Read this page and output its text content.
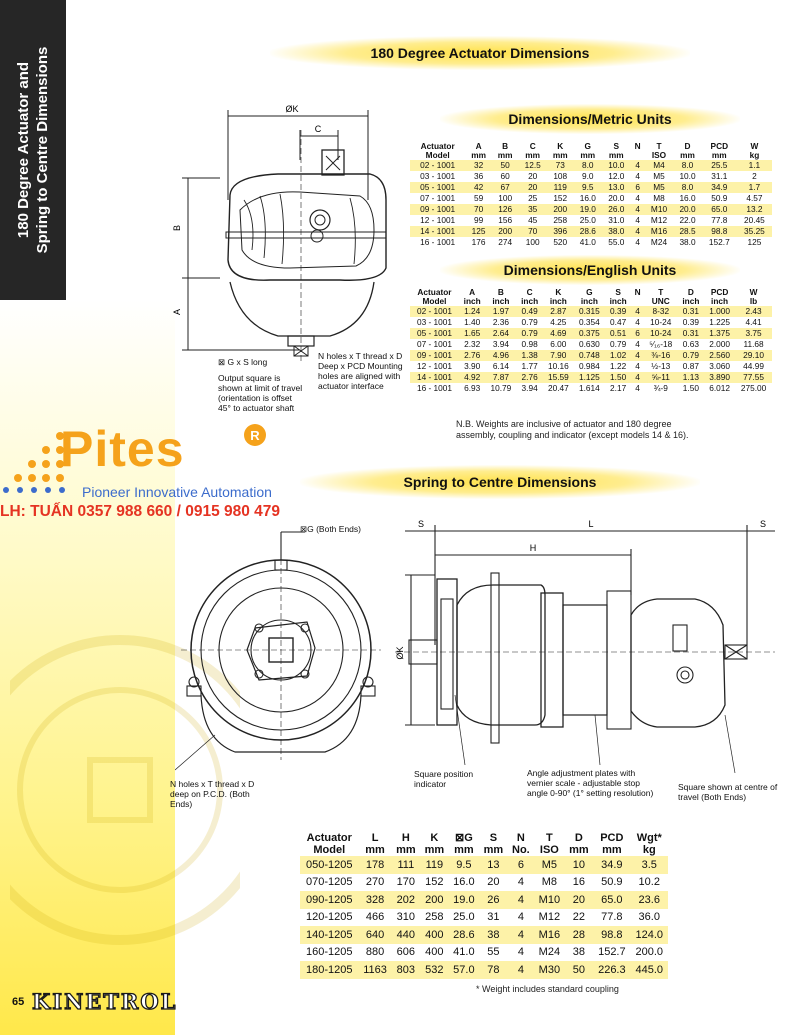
180 Degree Actuator and Spring to Centre Dimensions	180 Degree Actuator Dimensions
ØK
C
B
A
⊠ G x S long
Output square is shown at limit of travel (orientation is offset 45° to actuator shaft
N holes x T thread x D Deep x PCD Mounting holes are aligned with actuator interface
Dimensions/Metric Units
Actuator	A	B	C	K	G	S	N	T	D	PCD	W
Model	mm	mm	mm	mm	mm	mm		ISO	mm	mm	kg
02 - 1001	32	50	12.5	73	8.0	10.0	4	M4	8.0	25.5	1.1
03 - 1001	36	60	20	108	9.0	12.0	4	M5	10.0	31.1	2
05 - 1001	42	67	20	119	9.5	13.0	6	M5	8.0	34.9	1.7
07 - 1001	59	100	25	152	16.0	20.0	4	M8	16.0	50.9	4.57
09 - 1001	70	126	35	200	19.0	26.0	4	M10	20.0	65.0	13.2
12 - 1001	99	156	45	258	25.0	31.0	4	M12	22.0	77.8	20.45
14 - 1001	125	200	70	396	28.6	38.0	4	M16	28.5	98.8	35.25
16 - 1001	176	274	100	520	41.0	55.0	4	M24	38.0	152.7	125
Dimensions/English Units
Actuator	A	B	C	K	G	S	N	T	D	PCD	W
Model	inch	inch	inch	inch	inch	inch		UNC	inch	inch	lb
02 - 1001	1.24	1.97	0.49	2.87	0.315	0.39	4	8-32	0.31	1.000	2.43
03 - 1001	1.40	2.36	0.79	4.25	0.354	0.47	4	10-24	0.39	1.225	4.41
05 - 1001	1.65	2.64	0.79	4.69	0.375	0.51	6	10-24	0.31	1.375	3.75
07 - 1001	2.32	3.94	0.98	6.00	0.630	0.79	4	⁵⁄₁₆-18	0.63	2.000	11.68
09 - 1001	2.76	4.96	1.38	7.90	0.748	1.02	4	⅜-16	0.79	2.560	29.10
12 - 1001	3.90	6.14	1.77	10.16	0.984	1.22	4	½-13	0.87	3.060	44.99
14 - 1001	4.92	7.87	2.76	15.59	1.125	1.50	4	⅝-11	1.13	3.890	77.55
16 - 1001	6.93	10.79	3.94	20.47	1.614	2.17	4	¾-9	1.50	6.012	275.00
N.B. Weights are inclusive of actuator and 180 degree
assembly, coupling and indicator (except models 14 & 16).
Pites	R
Pioneer Innovative Automation
LH: TUẤN 0357 988 660 / 0915 980 479
Spring to Centre Dimensions
⊠G (Both Ends)
N holes x T thread x D deep on P.C.D. (Both Ends)
S	S
L
H
ØK
Square position indicator
Angle adjustment plates with vernier scale - adjustable stop angle 0-90° (1° setting resolution)
Square shown at centre of travel (Both Ends)
Actuator	L	H	K	⊠G	S	N	T	D	PCD	Wgt*
Model	mm	mm	mm	mm	mm	No.	ISO	mm	mm	kg
050-1205	178	111	119	9.5	13	6	M5	10	34.9	3.5
070-1205	270	170	152	16.0	20	4	M8	16	50.9	10.2
090-1205	328	202	200	19.0	26	4	M10	20	65.0	23.6
120-1205	466	310	258	25.0	31	4	M12	22	77.8	36.0
140-1205	640	440	400	28.6	38	4	M16	28	98.8	124.0
160-1205	880	606	400	41.0	55	4	M24	38	152.7	200.0
180-1205	1163	803	532	57.0	78	4	M30	50	226.3	445.0
* Weight includes standard coupling
65 KINETROL
